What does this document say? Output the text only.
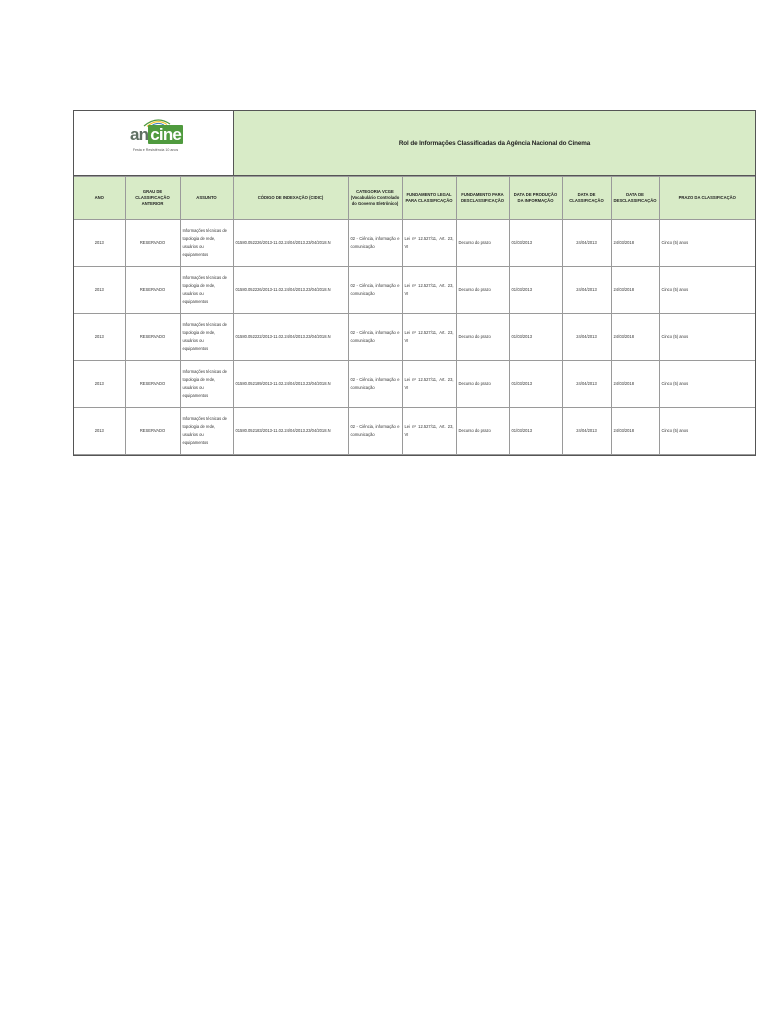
an cine
Festa e Resistência 10 anos
Rol de Informações Classificadas da Agência Nacional do Cinema
ANO	GRAU DE CLASSIFICAÇÃO ANTERIOR	ASSUNTO	CÓDIGO DE INDEXAÇÃO (CIDIC)	CATEGORIA VCGE (Vocabulário Controlado do Governo Eletrônico)	FUNDAMENTO LEGAL PARA CLASSIFICAÇÃO	FUNDAMENTO PARA DESCLASSIFICAÇÃO	DATA DE PRODUÇÃO DA INFORMAÇÃO	DATA DE CLASSIFICAÇÃO	DATA DE DESCLASSIFICAÇÃO	PRAZO DA CLASSIFICAÇÃO
2013	RESERVADO	Informações técnicas de topologia de rede, usuários ou equipamentos	01580.052226/2013-11.02.24/04/2013.23/04/2018.N	02 - Ciência, informação e comunicação	Lei nº 12.527/11, Art. 23, VI	Decurso do prazo	01/03/2013	24/04/2013	24/03/2018	Cinco (5) anos
2013	RESERVADO	Informações técnicas de topologia de rede, usuários ou equipamentos	01580.052226/2013-11.02.24/04/2013.23/04/2018.N	02 - Ciência, informação e comunicação	Lei nº 12.527/11, Art. 23, VI	Decurso do prazo	01/03/2013	24/04/2013	24/03/2018	Cinco (5) anos
2013	RESERVADO	Informações técnicas de topologia de rede, usuários ou equipamentos	01580.052222/2013-11.02.24/04/2013.23/04/2018.N	02 - Ciência, informação e comunicação	Lei nº 12.527/11, Art. 23, VI	Decurso do prazo	01/03/2013	24/04/2013	24/03/2018	Cinco (5) anos
2013	RESERVADO	Informações técnicas de topologia de rede, usuários ou equipamentos	01580.052189/2013-11.02.24/04/2013.23/04/2018.N	02 - Ciência, informação e comunicação	Lei nº 12.527/11, Art. 23, VI	Decurso do prazo	01/03/2013	24/04/2013	24/03/2018	Cinco (5) anos
2013	RESERVADO	Informações técnicas de topologia de rede, usuários ou equipamentos	01580.052183/2013-11.02.24/04/2013.23/04/2018.N	02 - Ciência, informação e comunicação	Lei nº 12.527/11, Art. 23, VI	Decurso do prazo	01/03/2013	24/04/2013	24/03/2018	Cinco (5) anos
